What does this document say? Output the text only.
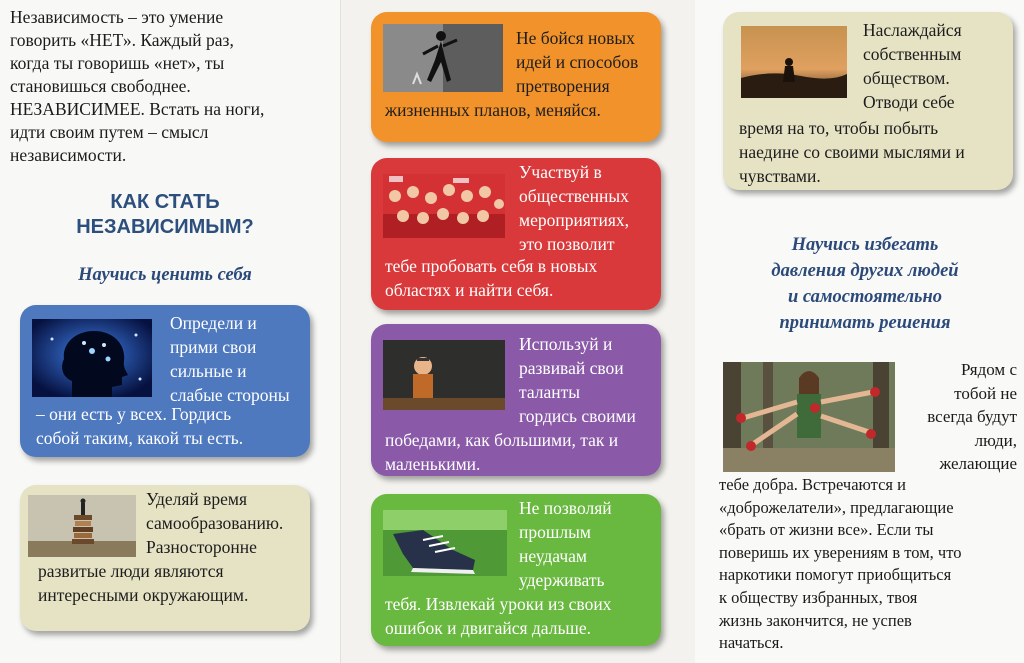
Независимость – это умение
говорить «НЕТ». Каждый раз,
когда ты говоришь «нет», ты
становишься свободнее.
НЕЗАВИСИМЕЕ. Встать на ноги,
идти своим путем – смысл
независимости.
КАК СТАТЬ
НЕЗАВИСИМЫМ?
Научись ценить себя
Определи и
прими свои
сильные и
слабые стороны
– они есть у всех. Гордись
собой таким, какой ты есть.
Уделяй время
самообразованию.
Разносторонне
развитые люди являются
интересными окружающим.
Не бойся новых
идей и способов
претворения
жизненных планов, меняйся.
Участвуй в
общественных
мероприятиях,
это позволит
тебе пробовать себя в новых
областях и найти себя.
Используй и
развивай свои
таланты
гордись своими
победами, как большими, так и
маленькими.
Не позволяй
прошлым
неудачам
удерживать
тебя. Извлекай уроки из своих
ошибок и двигайся дальше.
Наслаждайся
собственным
обществом.
Отводи себе
время на то, чтобы побыть
наедине со своими мыслями и
чувствами.
Научись избегать
давления других людей
и самостоятельно
принимать решения
Рядом с
тобой не
всегда будут
люди,
желающие
тебе добра. Встречаются и
«доброжелатели», предлагающие
«брать от жизни все». Если ты
поверишь их уверениям в том, что
наркотики помогут приобщиться
к обществу избранных, твоя
жизнь закончится, не успев
начаться.
